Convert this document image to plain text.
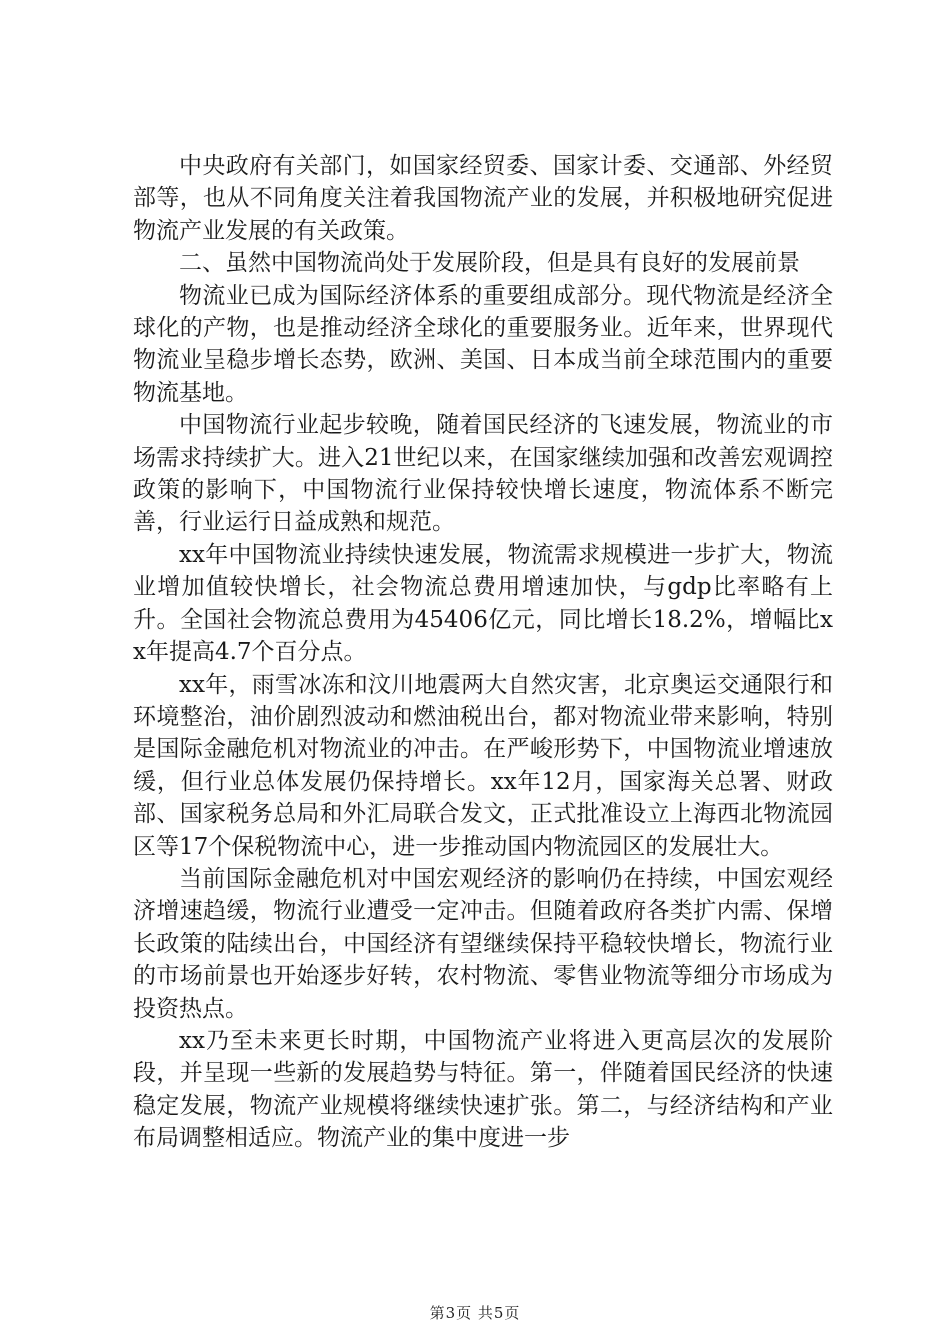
中央政府有关部门，如国家经贸委、国家计委、交通部、外经贸部等，也从不同角度关注着我国物流产业的发展，并积极地研究促进物流产业发展的有关政策。

二、虽然中国物流尚处于发展阶段，但是具有良好的发展前景

物流业已成为国际经济体系的重要组成部分。现代物流是经济全球化的产物，也是推动经济全球化的重要服务业。近年来，世界现代物流业呈稳步增长态势，欧洲、美国、日本成当前全球范围内的重要物流基地。

中国物流行业起步较晚，随着国民经济的飞速发展，物流业的市场需求持续扩大。进入21世纪以来，在国家继续加强和改善宏观调控政策的影响下，中国物流行业保持较快增长速度，物流体系不断完善，行业运行日益成熟和规范。

xx年中国物流业持续快速发展，物流需求规模进一步扩大，物流业增加值较快增长，社会物流总费用增速加快，与gdp比率略有上升。全国社会物流总费用为45406亿元，同比增长18.2%，增幅比xx年提高4.7个百分点。

xx年，雨雪冰冻和汶川地震两大自然灾害，北京奥运交通限行和环境整治，油价剧烈波动和燃油税出台，都对物流业带来影响，特别是国际金融危机对物流业的冲击。在严峻形势下，中国物流业增速放缓，但行业总体发展仍保持增长。xx年12月，国家海关总署、财政部、国家税务总局和外汇局联合发文，正式批准设立上海西北物流园区等17个保税物流中心，进一步推动国内物流园区的发展壮大。

当前国际金融危机对中国宏观经济的影响仍在持续，中国宏观经济增速趋缓，物流行业遭受一定冲击。但随着政府各类扩内需、保增长政策的陆续出台，中国经济有望继续保持平稳较快增长，物流行业的市场前景也开始逐步好转，农村物流、零售业物流等细分市场成为投资热点。

xx乃至未来更长时期，中国物流产业将进入更高层次的发展阶段，并呈现一些新的发展趋势与特征。第一，伴随着国民经济的快速稳定发展，物流产业规模将继续快速扩张。第二，与经济结构和产业布局调整相适应。物流产业的集中度进一步

第3页 共5页
